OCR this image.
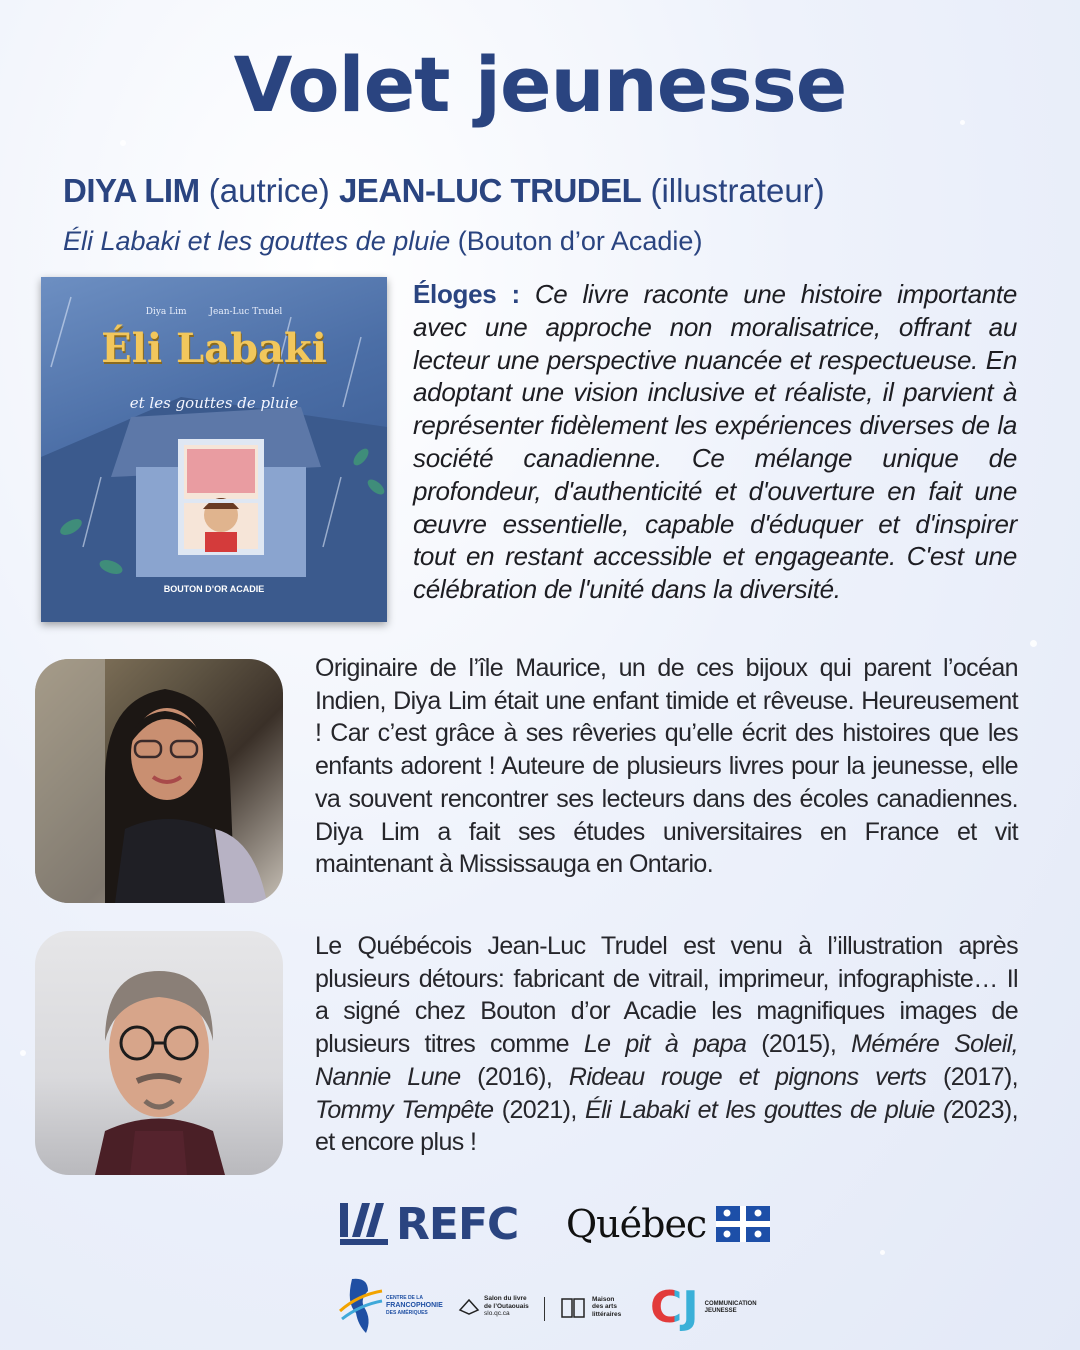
Volet jeunesse
DIYA LIM (autrice) JEAN-LUC TRUDEL (illustrateur)
Éli Labaki et les gouttes de pluie (Bouton d’or Acadie)
Diya Lim	Jean-Luc Trudel
Éli Labaki
et les gouttes de pluie
BOUTON D’OR ACADIE
Éloges : Ce livre raconte une histoire importante avec une approche non moralisatrice, offrant au lecteur une perspective nuancée et respectueuse. En adoptant une vision inclusive et réaliste, il parvient à représenter fidèlement les expériences diverses de la société canadienne. Ce mélange unique de profondeur, d'authenticité et d'ouverture en fait une œuvre essentielle, capable d'éduquer et d'inspirer tout en restant accessible et engageante. C'est une célébration de l'unité dans la diversité.
Originaire de l’île Maurice, un de ces bijoux qui parent l’océan Indien, Diya Lim était une enfant timide et rêveuse. Heureusement ! Car c’est grâce à ses rêveries qu’elle écrit des histoires que les enfants adorent ! Auteure de plusieurs livres pour la jeunesse, elle va souvent rencontrer ses lecteurs dans des écoles canadiennes. Diya Lim a fait ses études universitaires en France et vit maintenant à Mississauga en Ontario.
Le Québécois Jean-Luc Trudel est venu à l’illustration après plusieurs détours: fabricant de vitrail, imprimeur, infographiste… Il a signé chez Bouton d’or Acadie les magnifiques images de plusieurs titres comme Le pit à papa (2015), Mémére Soleil, Nannie Lune (2016), Rideau rouge et pignons verts (2017), Tommy Tempête (2021), Éli Labaki et les gouttes de pluie (2023), et encore plus !
REFC Québec
CENTRE DE LA
FRANCOPHONIE
DES AMÉRIQUES
Salon du livre
de l’Outaouais
slo.qc.ca
Maison
des arts
littéraires CJ COMMUNICATION
JEUNESSE
